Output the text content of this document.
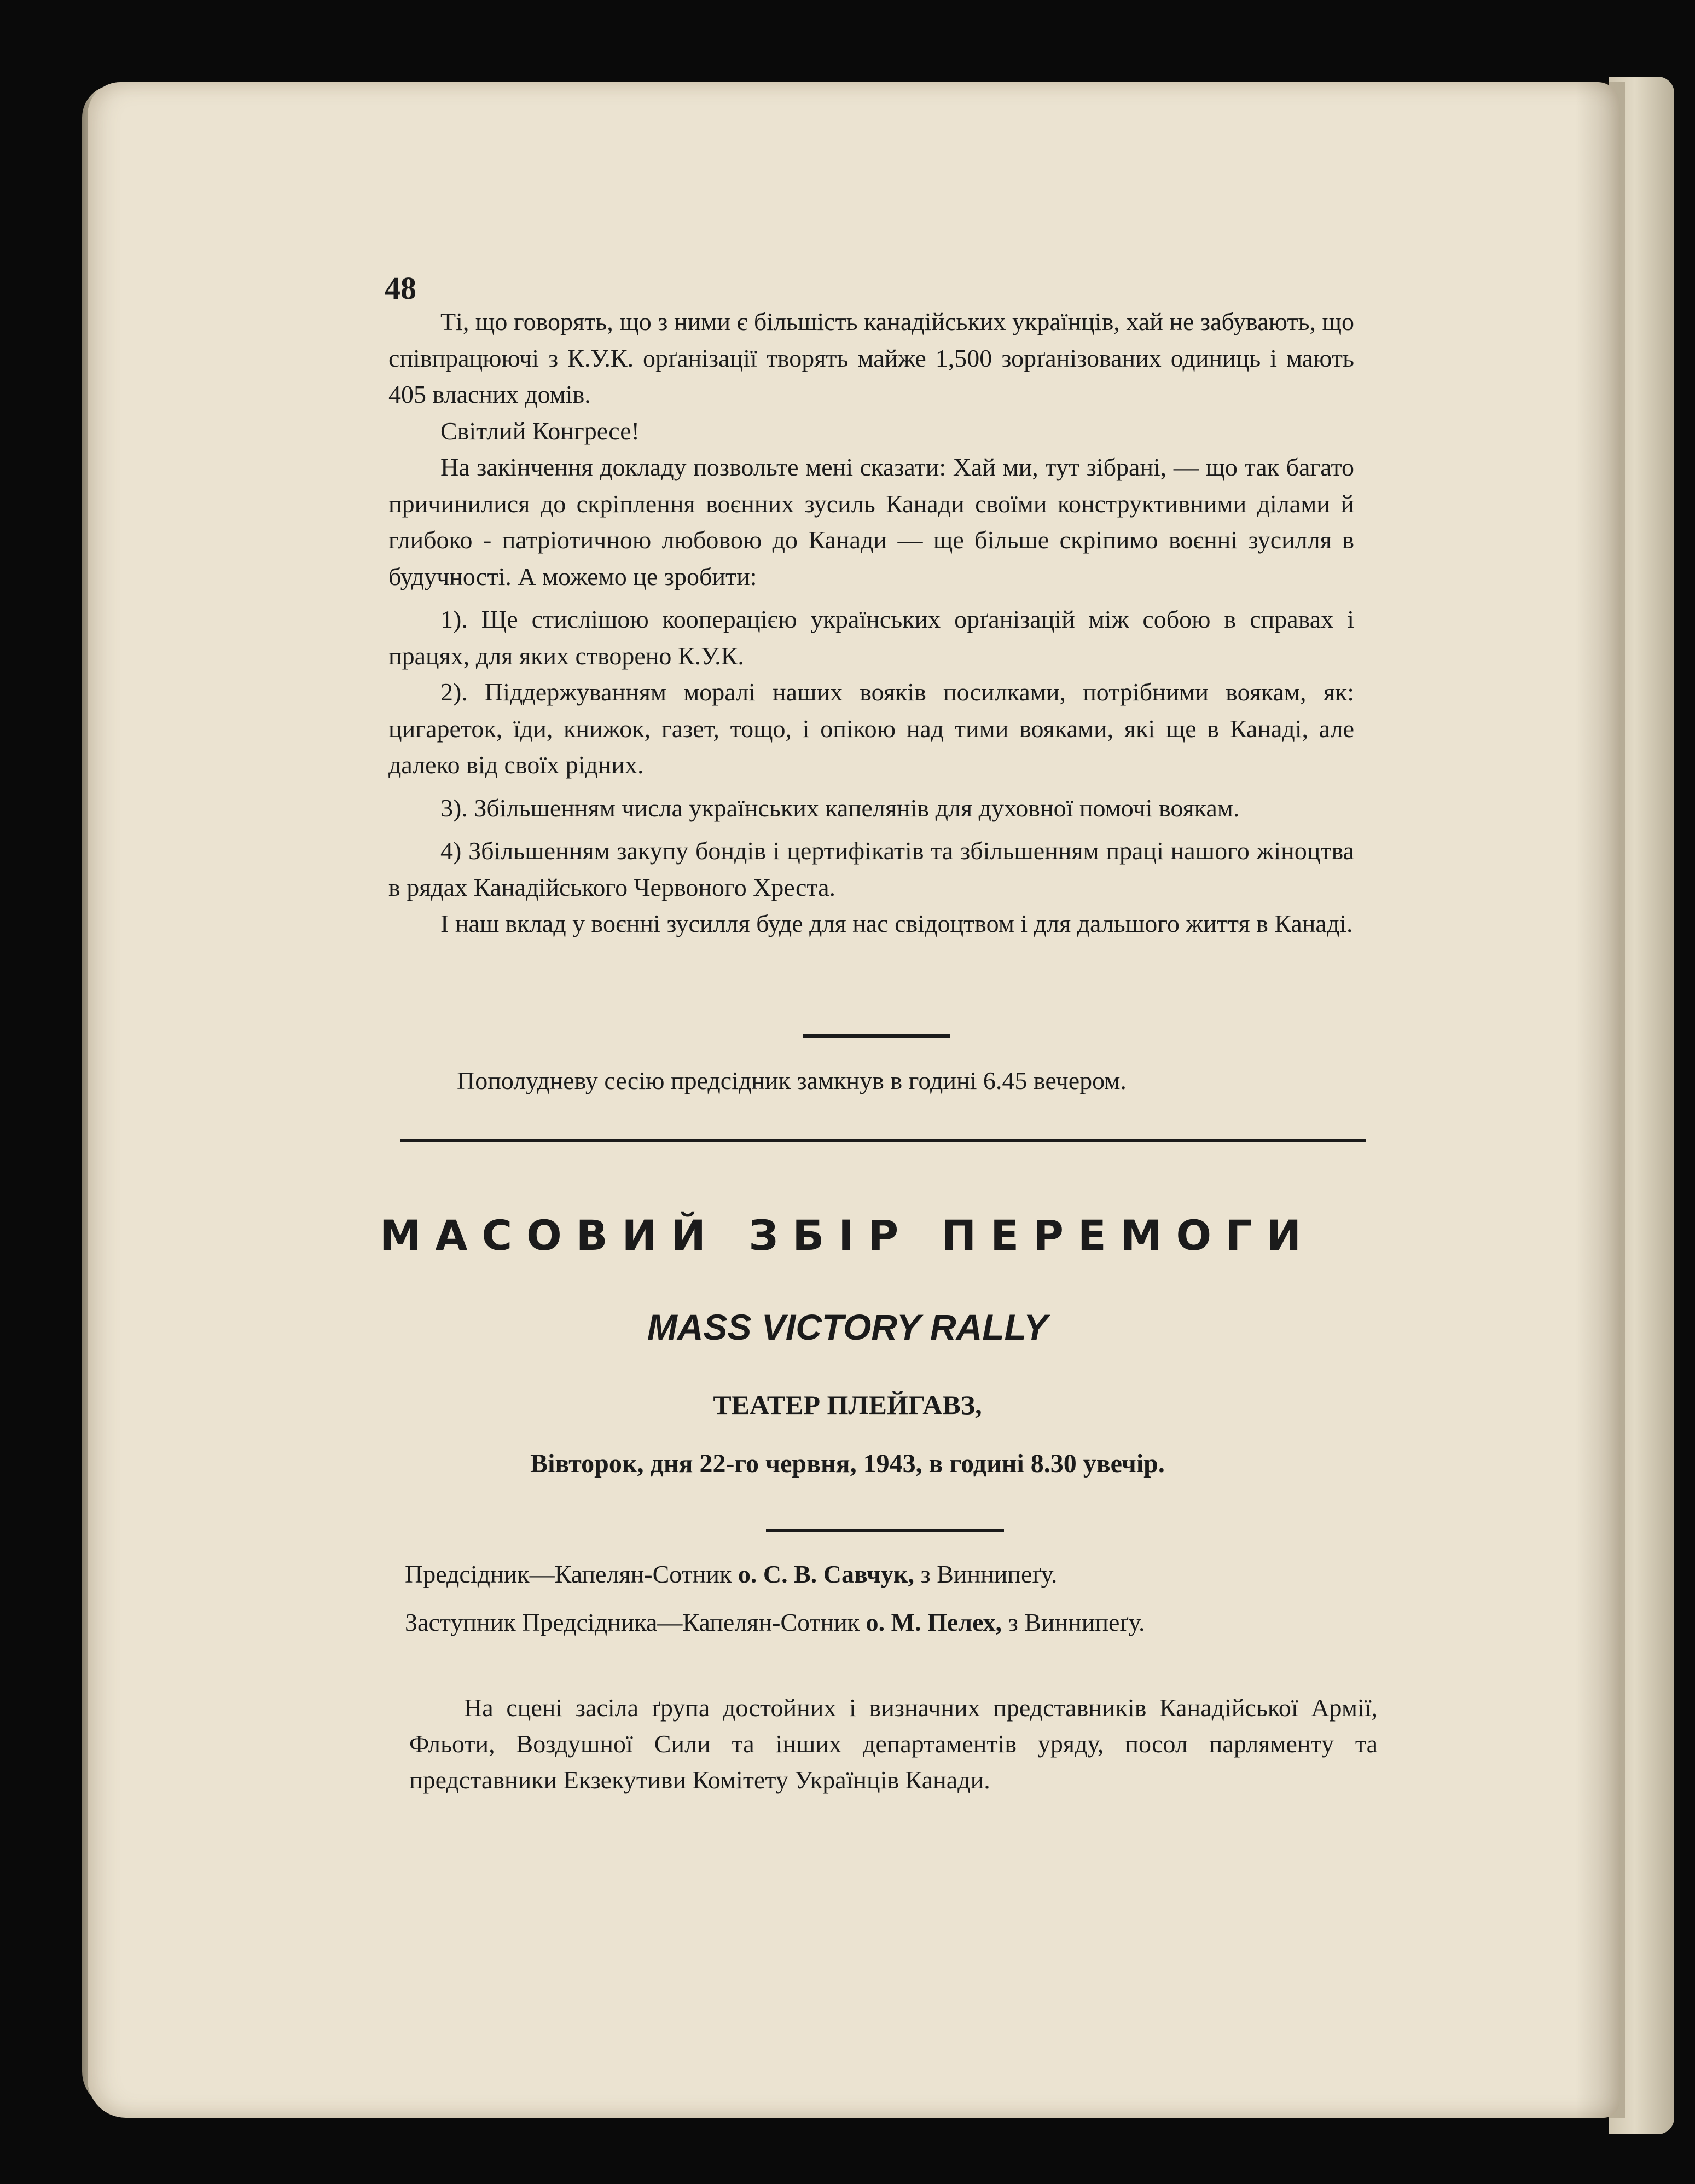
48

Ті, що говорять, що з ними є більшість канадійських українців, хай не забувають, що співпрацюючі з К.У.К. орґанізації творять майже 1,500 зорґанізованих одиниць і мають 405 власних домів.

Світлий Конгресе!

На закінчення докладу позвольте мені сказати: Хай ми, тут зібрані, — що так багато причинилися до скріплення воєнних зусиль Канади своїми конструктивними ділами й глибоко - патріотичною любовою до Канади — ще більше скріпимо воєнні зусилля в будучності. А можемо це зробити:

1). Ще стислішою кооперацією українських орґанізацій між собою в справах і працях, для яких створено К.У.К.

2). Піддержуванням моралі наших вояків посилками, потрібними воякам, як: цигареток, їди, книжок, газет, тощо, і опікою над тими вояками, які ще в Канаді, але далеко від своїх рідних.

3). Збільшенням числа українських капелянів для духовної помочі воякам.

4) Збільшенням закупу бондів і цертифікатів та збільшенням праці нашого жіноцтва в рядах Канадійського Червоного Хреста.

І наш вклад у воєнні зусилля буде для нас свідоцтвом і для дальшого життя в Канаді.

Пополудневу сесію предсідник замкнув в годині 6.45 вечером.
МАСОВИЙ ЗБІР ПЕРЕМОГИ
MASS VICTORY RALLY
ТЕАТЕР ПЛЕЙГАВЗ,
Вівторок, дня 22-го червня, 1943, в годині 8.30 увечір.
Предсідник—Капелян-Сотник о. С. В. Савчук, з Виннипеґу.
Заступник Предсідника—Капелян-Сотник о. М. Пелех, з Виннипеґу.

На сцені засіла ґрупа достойних і визначних представників Канадійської Армії, Фльоти, Воздушної Сили та інших департаментів уряду, посол парляменту та представники Екзекутиви Комітету Українців Канади.
